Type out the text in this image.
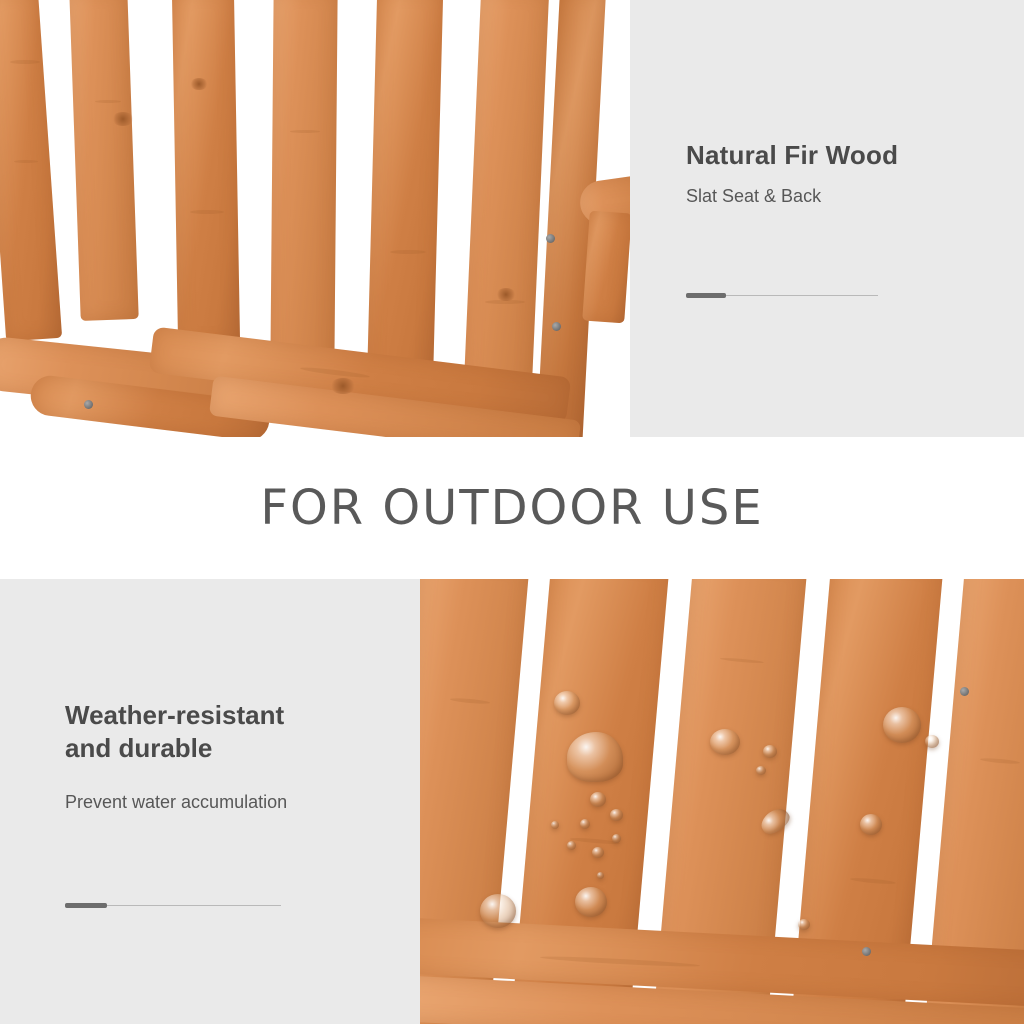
Natural Fir Wood
Slat Seat & Back
FOR OUTDOOR USE
Weather-resistant
and durable
Prevent water accumulation
